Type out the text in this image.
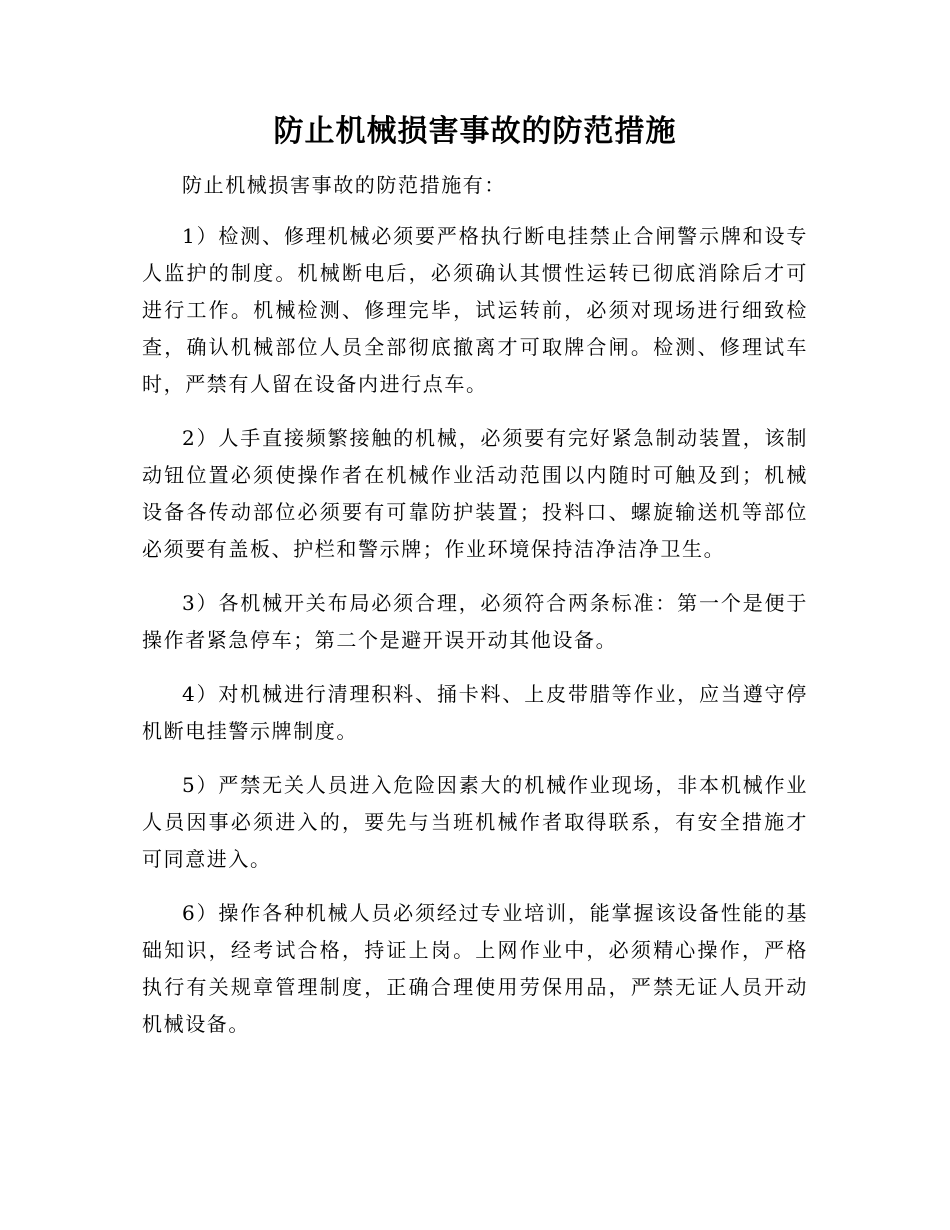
防止机械损害事故的防范措施

防止机械损害事故的防范措施有：

1）检测、修理机械必须要严格执行断电挂禁止合闸警示牌和设专人监护的制度。机械断电后，必须确认其惯性运转已彻底消除后才可进行工作。机械检测、修理完毕，试运转前，必须对现场进行细致检查，确认机械部位人员全部彻底撤离才可取牌合闸。检测、修理试车时，严禁有人留在设备内进行点车。

2）人手直接频繁接触的机械，必须要有完好紧急制动装置，该制动钮位置必须使操作者在机械作业活动范围以内随时可触及到；机械设备各传动部位必须要有可靠防护装置；投料口、螺旋输送机等部位必须要有盖板、护栏和警示牌；作业环境保持洁净洁净卫生。

3）各机械开关布局必须合理，必须符合两条标准：第一个是便于操作者紧急停车；第二个是避开误开动其他设备。

4）对机械进行清理积料、捅卡料、上皮带腊等作业，应当遵守停机断电挂警示牌制度。

5）严禁无关人员进入危险因素大的机械作业现场，非本机械作业人员因事必须进入的，要先与当班机械作者取得联系，有安全措施才可同意进入。

6）操作各种机械人员必须经过专业培训，能掌握该设备性能的基础知识，经考试合格，持证上岗。上网作业中，必须精心操作，严格执行有关规章管理制度，正确合理使用劳保用品，严禁无证人员开动机械设备。
